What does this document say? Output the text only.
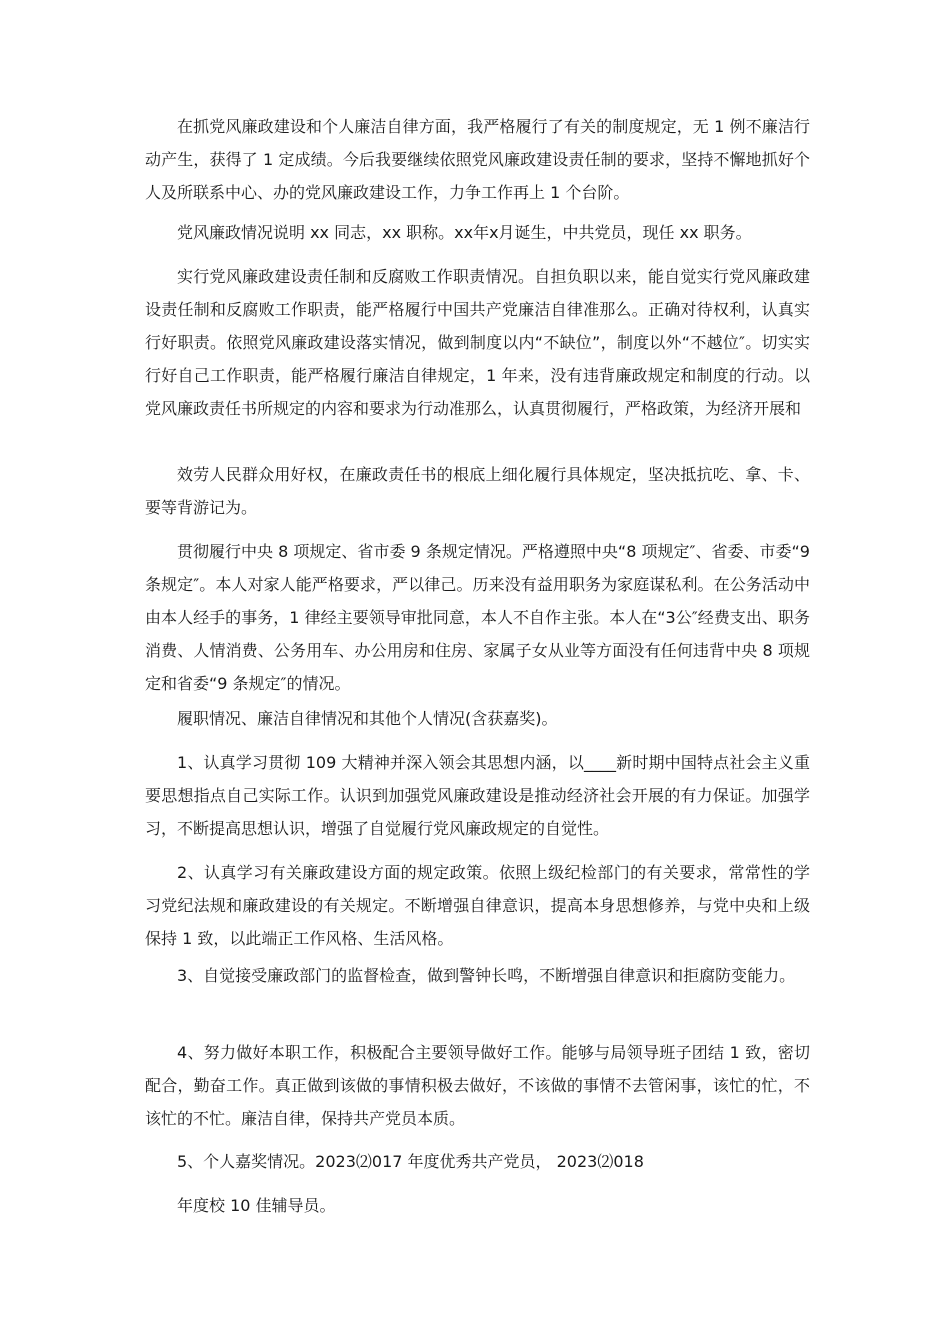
在抓党风廉政建设和个人廉洁自律方面，我严格履行了有关的制度规定，无 1 例不廉洁行动产生，获得了 1 定成绩。今后我要继续依照党风廉政建设责任制的要求，坚持不懈地抓好个人及所联系中心、办的党风廉政建设工作，力争工作再上 1 个台阶。

党风廉政情况说明 xx 同志，xx 职称。xx年x月诞生，中共党员，现任 xx 职务。

实行党风廉政建设责任制和反腐败工作职责情况。自担负职以来，能自觉实行党风廉政建设责任制和反腐败工作职责，能严格履行中国共产党廉洁自律准那么。正确对待权利，认真实行好职责。依照党风廉政建设落实情况，做到制度以内“不缺位”，制度以外“不越位″。切实实行好自己工作职责，能严格履行廉洁自律规定，1 年来，没有违背廉政规定和制度的行动。以党风廉政责任书所规定的内容和要求为行动准那么，认真贯彻履行，严格政策，为经济开展和

效劳人民群众用好权，在廉政责任书的根底上细化履行具体规定，坚决抵抗吃、拿、卡、要等背游记为。

贯彻履行中央 8 项规定、省市委 9 条规定情况。严格遵照中央“8 项规定″、省委、市委“9 条规定″。本人对家人能严格要求，严以律己。历来没有益用职务为家庭谋私利。在公务活动中由本人经手的事务，1 律经主要领导审批同意，本人不自作主张。本人在“3公″经费支出、职务消费、人情消费、公务用车、办公用房和住房、家属子女从业等方面没有任何违背中央 8 项规定和省委“9 条规定″的情况。

履职情况、廉洁自律情况和其他个人情况(含获嘉奖)。

1、认真学习贯彻 109 大精神并深入领会其思想内涵，以____新时期中国特点社会主义重要思想指点自己实际工作。认识到加强党风廉政建设是推动经济社会开展的有力保证。加强学习，不断提高思想认识，增强了自觉履行党风廉政规定的自觉性。

2、认真学习有关廉政建设方面的规定政策。依照上级纪检部门的有关要求，常常性的学习党纪法规和廉政建设的有关规定。不断增强自律意识，提高本身思想修养，与党中央和上级保持 1 致，以此端正工作风格、生活风格。

3、自觉接受廉政部门的监督检查，做到警钟长鸣，不断增强自律意识和拒腐防变能力。

4、努力做好本职工作，积极配合主要领导做好工作。能够与局领导班子团结 1 致，密切配合，勤奋工作。真正做到该做的事情积极去做好，不该做的事情不去管闲事，该忙的忙，不该忙的不忙。廉洁自律，保持共产党员本质。

5、个人嘉奖情况。2023⑵017 年度优秀共产党员， 2023⑵018

年度校 10 佳辅导员。
